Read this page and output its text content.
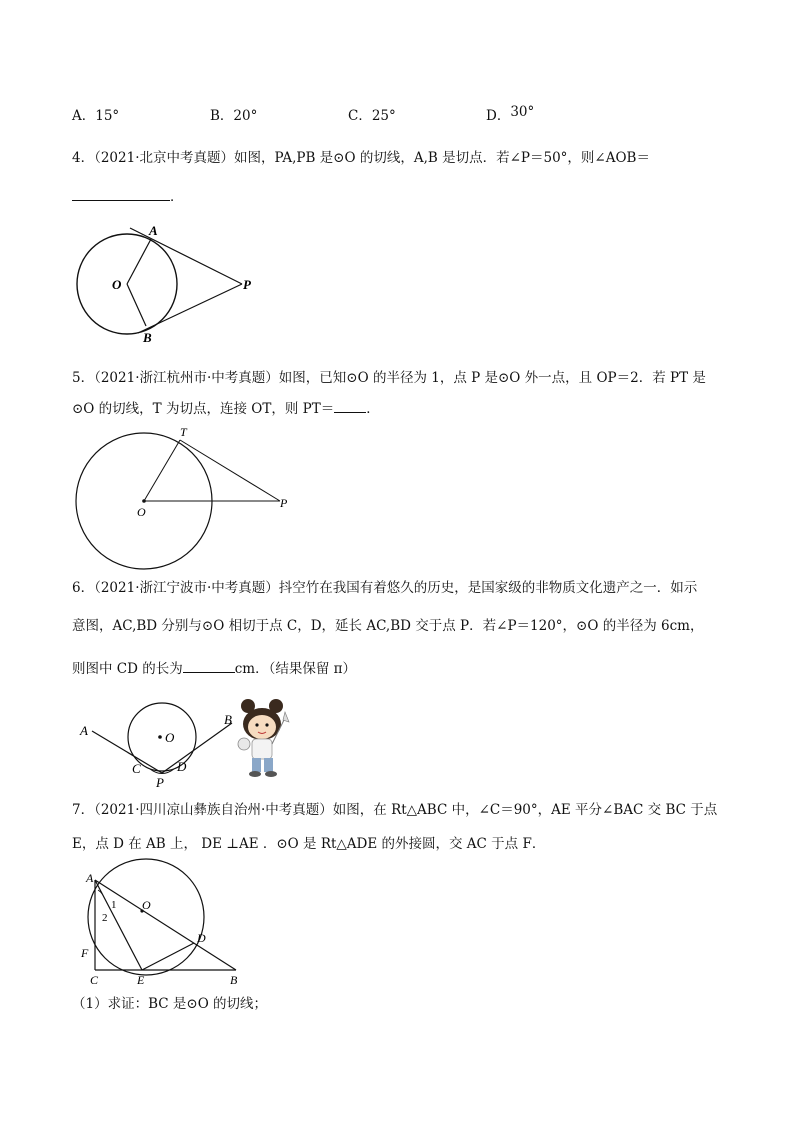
A．15°	B．20°	C．25°	D．30°
4．（2021·北京中考真题）如图，PA,PB 是⊙O 的切线，A,B 是切点．若∠P＝50°，则∠AOB＝
．
A
B
O	P
5．（2021·浙江杭州市·中考真题）如图，已知⊙O 的半径为 1，点 P 是⊙O 外一点，且 OP＝2．若 PT 是
⊙O 的切线，T 为切点，连接 OT，则 PT＝ ．
O
T
P
6．（2021·浙江宁波市·中考真题）抖空竹在我国有着悠久的历史，是国家级的非物质文化遗产之一．如示
意图，AC,BD 分别与⊙O 相切于点 C，D，延长 AC,BD 交于点 P．若∠P＝120°，⊙O 的半径为 6cm，
则图中 CD 的长为	cm．（结果保留 π）
A
B
C	D
O
P
7．（2021·四川凉山彝族自治州·中考真题）如图，在 Rt△ABC 中，∠C＝90°，AE 平分∠BAC 交 BC 于点
E，点 D 在 AB 上， DE ⊥AE ．⊙O 是 Rt△ADE 的外接圆，交 AC 于点 F．
A
O
1
2
F
C	E	B
D
（1）求证：BC 是⊙O 的切线；
